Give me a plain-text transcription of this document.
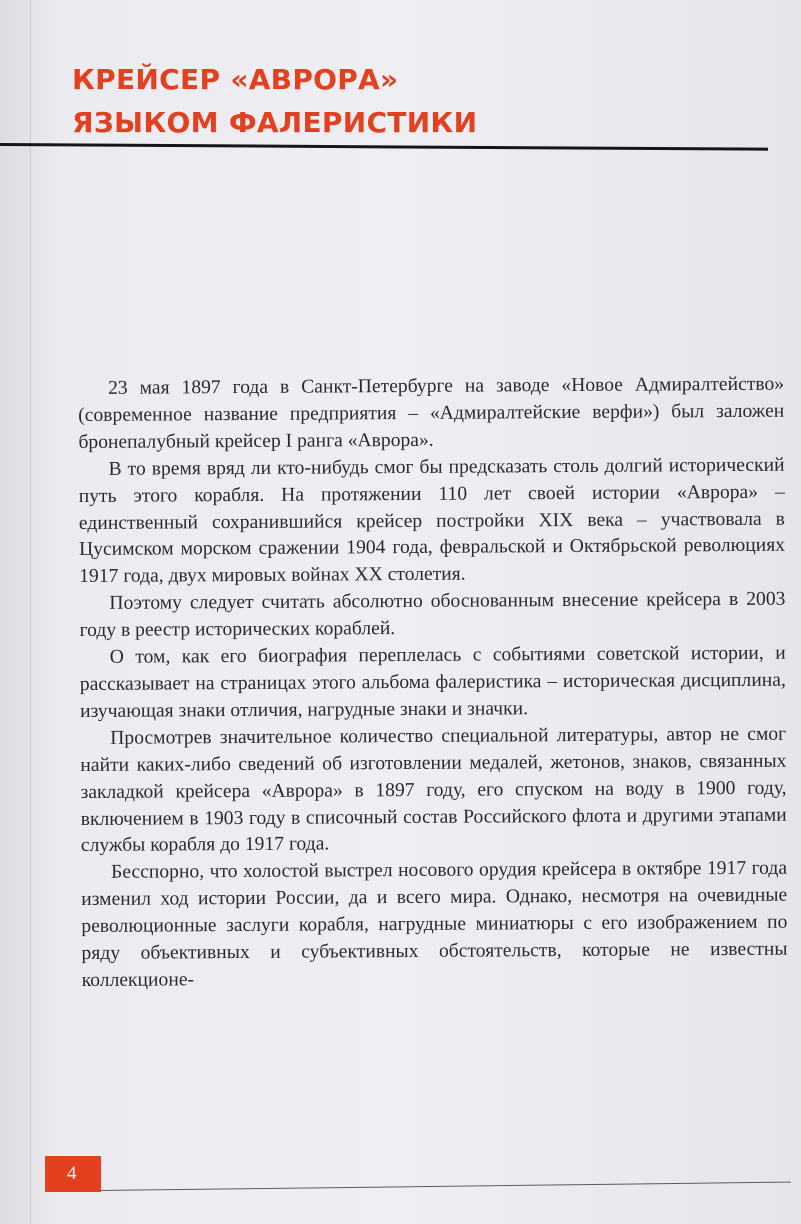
КРЕЙСЕР «АВРОРА»
ЯЗЫКОМ ФАЛЕРИСТИКИ

23 мая 1897 года в Санкт-Петербурге на заводе «Новое Адмиралтейство» (современное название предприятия – «Адмиралтейские верфи») был заложен бронепалубный крейсер I ранга «Аврора».

В то время вряд ли кто-нибудь смог бы предсказать столь долгий исторический путь этого корабля. На протяжении 110 лет своей истории «Аврора» – единственный сохранившийся крейсер постройки XIX века – участвовала в Цусимском морском сражении 1904 года, февральской и Октябрьской революциях 1917 года, двух мировых войнах XX столетия.

Поэтому следует считать абсолютно обоснованным внесение крейсера в 2003 году в реестр исторических кораблей.

О том, как его биография переплелась с событиями советской истории, и рассказывает на страницах этого альбома фалеристика – историческая дисциплина, изучающая знаки отличия, нагрудные знаки и значки.

Просмотрев значительное количество специальной литературы, автор не смог найти каких-либо сведений об изготовлении медалей, жетонов, знаков, связанных закладкой крейсера «Аврора» в 1897 году, его спуском на воду в 1900 году, включением в 1903 году в списочный состав Российского флота и другими этапами службы корабля до 1917 года.

Бесспорно, что холостой выстрел носового орудия крейсера в октябре 1917 года изменил ход истории России, да и всего мира. Однако, несмотря на очевидные революционные заслуги корабля, нагрудные миниатюры с его изображением по ряду объективных и субъективных обстоятельств, которые не известны коллекционе-

4
